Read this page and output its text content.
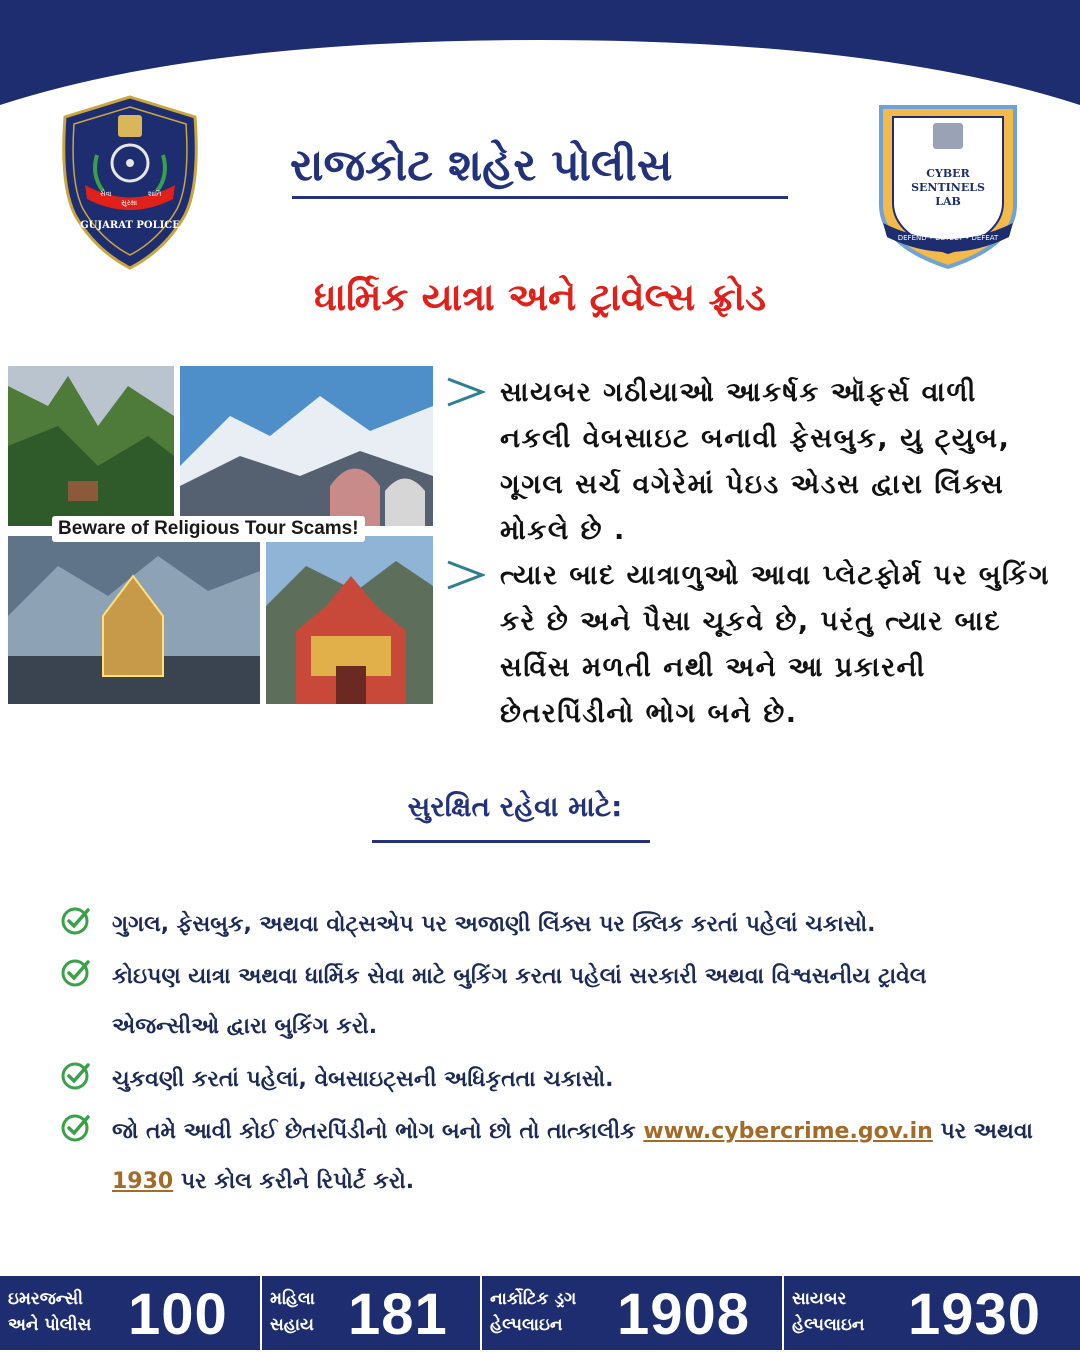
સેવા
સુરક્ષા
શાંતિ
GUJARAT POLICE
રાજકોટ શહેર પોલીસ	CYBER
SENTINELS
LAB
DEFEND • DETECT • DEFEAT
ધાર્મિક યાત્રા અને ટ્રાવેલ્સ ફ્રોડ
Beware of Religious Tour Scams!
સાયબર ગઠીયાઓ આકર્ષક ઑફર્સ વાળી નકલી વેબસાઇટ બનાવી ફેસબુક, યુ ટ્યુબ, ગૂગલ સર્ચ વગેરેમાં પેઇડ એડસ દ્વારા લિંક્સ મોકલે છે .
ત્યાર બાદ યાત્રાળુઓ આવા પ્લેટફોર્મ પર બુકિંગ કરે છે અને પૈસા ચૂકવે છે, પરંતુ ત્યાર બાદ સર્વિસ મળતી નથી અને આ પ્રકારની છેતરપિંડીનો ભોગ બને છે.
સુરક્ષિત રહેવા માટે:
ગુગલ, ફેસબુક, અથવા વોટ્સએપ પર અજાણી લિંક્સ પર ક્લિક કરતાં પહેલાં ચકાસો.
કોઇપણ યાત્રા અથવા ધાર્મિક સેવા માટે બુકિંગ કરતા પહેલાં સરકારી અથવા વિશ્વસનીય ટ્રાવેલ એજન્સીઓ દ્વારા બુકિંગ કરો.
ચુકવણી કરતાં પહેલાં, વેબસાઇટ્સની અધિકૃતતા ચકાસો.
જો તમે આવી કોઈ છેતરપિંડીનો ભોગ બનો છો તો તાત્કાલીક www.cybercrime.gov.in પર અથવા 1930 પર કોલ કરીને રિપોર્ટ કરો.
ઇમરજન્સી
અને પોલીસ 100 મહિલા
સહાય 181 નાર્કોટિક ડ્રગ
હેલ્પલાઇન 1908 સાયબર
હેલ્પલાઇન 1930
